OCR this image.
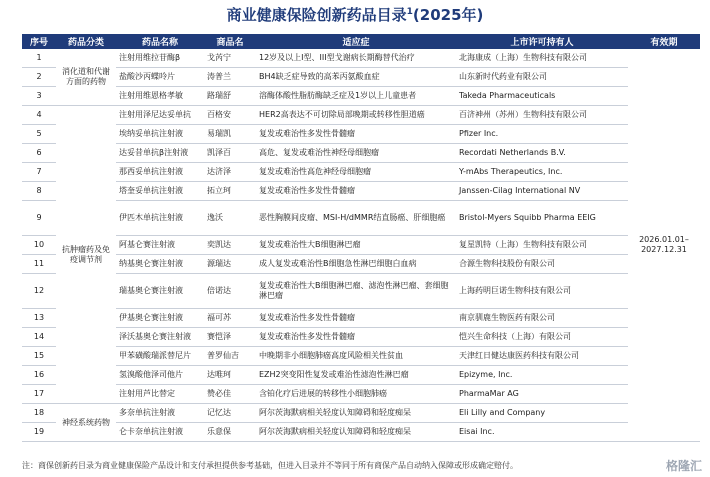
商业健康保险创新药品目录$^1$(2025年)
序号	药品分类	药品名称	商品名	适应症	上市许可持有人	有效期
1	消化道和代谢方面的药物	注射用维拉苷酶β	戈芮宁	12岁及以上I型、III型戈谢病长期酶替代治疗	北海康成（上海）生物科技有限公司	2026.01.01–2027.12.31
2		盐酸沙丙蝶呤片	涛普兰	BH4缺乏症导致的高苯丙氨酸血症	山东新时代药业有限公司	
3		注射用维恩格孝敏	路瑞舒	溶酶体酸性脂肪酶缺乏症及1岁以上儿童患者	Takeda Pharmaceuticals	
4	抗肿瘤药及免疫调节剂	注射用泽尼达妥单抗	百格安	HER2高表达不可切除局部晚期或转移性胆道癌	百济神州（苏州）生物科技有限公司	
5		埃纳妥单抗注射液	易瑞凯	复发或难治性多发性骨髓瘤	Pfizer Inc.	
6		达妥昔单抗β注射液	凯泽百	高危、复发或难治性神经母细胞瘤	Recordati Netherlands B.V.	
7		那西妥单抗注射液	达济泽	复发或难治性高危神经母细胞瘤	Y-mAbs Therapeutics, Inc.	
8		塔奎妥单抗注射液	拓立珂	复发或难治性多发性骨髓瘤	Janssen-Cilag International NV	
9		伊匹木单抗注射液	逸沃	恶性胸膜间皮瘤、MSI-H/dMMR结直肠癌、肝细胞癌	Bristol-Myers Squibb Pharma EEIG	
10		阿基仑赛注射液	奕凯达	复发或难治性大B细胞淋巴瘤	复星凯特（上海）生物科技有限公司	
11		纳基奥仑赛注射液	源瑞达	成人复发或难治性B细胞急性淋巴细胞白血病	合源生物科技股份有限公司	
12		瑞基奥仑赛注射液	倍诺达	复发或难治性大B细胞淋巴瘤、滤泡性淋巴瘤、套细胞淋巴瘤	上海药明巨诺生物科技有限公司	
13		伊基奥仑赛注射液	福可苏	复发或难治性多发性骨髓瘤	南京驯鹿生物医药有限公司	
14		泽沃基奥仑赛注射液	赛恺泽	复发或难治性多发性骨髓瘤	恺兴生命科技（上海）有限公司	
15		甲苯磺酸瑞派替尼片	普罗仙吉	中晚期非小细胞肺癌高度风险相关性贫血	天津红日健达康医药科技有限公司	
16		氢溴酸他泽司他片	达唯珂	EZH2突变阳性复发或难治性滤泡性淋巴瘤	Epizyme, Inc.	
17		注射用芦比替定	赞必佳	含铂化疗后进展的转移性小细胞肺癌	PharmaMar AG	
18	神经系统药物	多奈单抗注射液	记忆达	阿尔茨海默病相关轻度认知障碍和轻度痴呆	Eli Lilly and Company	
19		仑卡奈单抗注射液	乐意保	阿尔茨海默病相关轻度认知障碍和轻度痴呆	Eisai Inc.	
注：商保创新药目录为商业健康保险产品设计和支付承担提供参考基础，但进入目录并不等同于所有商保产品自动纳入保障或形成确定赔付。	格隆汇
